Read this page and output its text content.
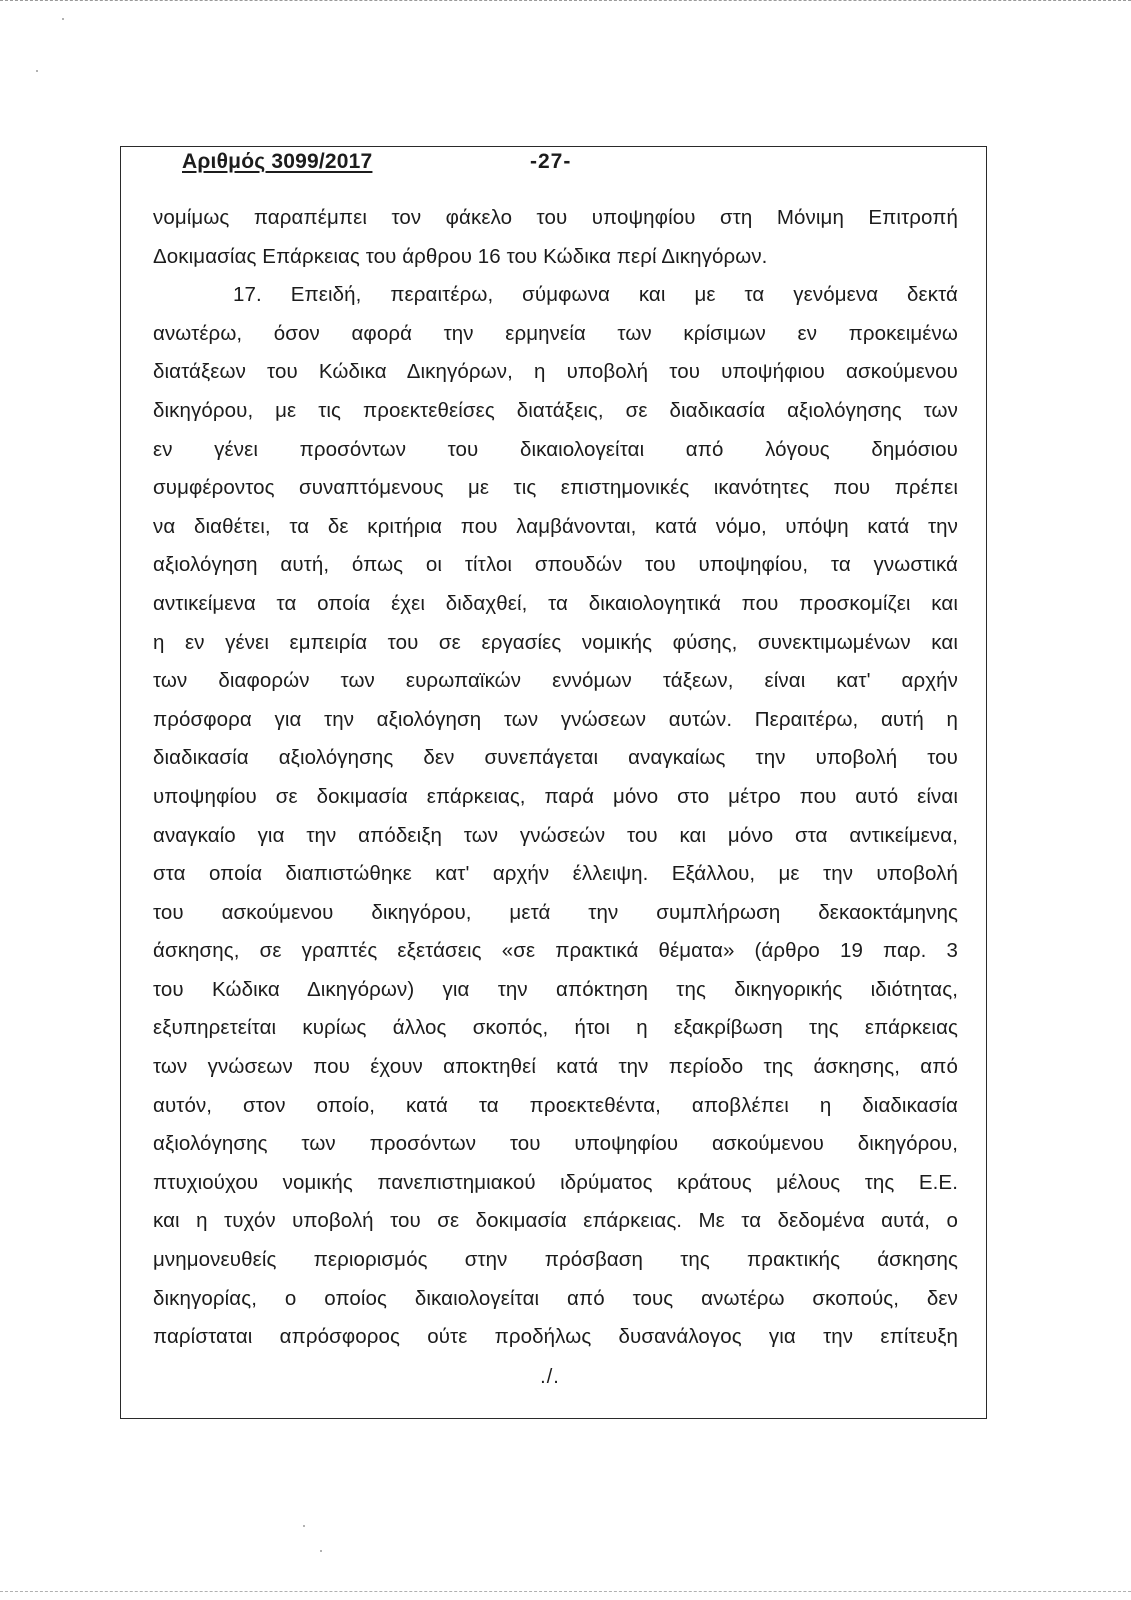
Αριθμός 3099/2017	-27-
νομίμως παραπέμπει τον φάκελο του υποψηφίου στη Μόνιμη Επιτροπή
Δοκιμασίας Επάρκειας του άρθρου 16 του Κώδικα περί Δικηγόρων.
17. Επειδή, περαιτέρω, σύμφωνα και με τα γενόμενα δεκτά
ανωτέρω, όσον αφορά την ερμηνεία των κρίσιμων εν προκειμένω
διατάξεων του Κώδικα Δικηγόρων, η υποβολή του υποψήφιου ασκούμενου
δικηγόρου, με τις προεκτεθείσες διατάξεις, σε διαδικασία αξιολόγησης των
εν γένει προσόντων του δικαιολογείται από λόγους δημόσιου
συμφέροντος συναπτόμενους με τις επιστημονικές ικανότητες που πρέπει
να διαθέτει, τα δε κριτήρια που λαμβάνονται, κατά νόμο, υπόψη κατά την
αξιολόγηση αυτή, όπως οι τίτλοι σπουδών του υποψηφίου, τα γνωστικά
αντικείμενα τα οποία έχει διδαχθεί, τα δικαιολογητικά που προσκομίζει και
η εν γένει εμπειρία του σε εργασίες νομικής φύσης, συνεκτιμωμένων και
των διαφορών των ευρωπαϊκών εννόμων τάξεων, είναι κατ' αρχήν
πρόσφορα για την αξιολόγηση των γνώσεων αυτών. Περαιτέρω, αυτή η
διαδικασία αξιολόγησης δεν συνεπάγεται αναγκαίως την υποβολή του
υποψηφίου σε δοκιμασία επάρκειας, παρά μόνο στο μέτρο που αυτό είναι
αναγκαίο για την απόδειξη των γνώσεών του και μόνο στα αντικείμενα,
στα οποία διαπιστώθηκε κατ' αρχήν έλλειψη. Εξάλλου, με την υποβολή
του ασκούμενου δικηγόρου, μετά την συμπλήρωση δεκαοκτάμηνης
άσκησης, σε γραπτές εξετάσεις «σε πρακτικά θέματα» (άρθρο 19 παρ. 3
του Κώδικα Δικηγόρων) για την απόκτηση της δικηγορικής ιδιότητας,
εξυπηρετείται κυρίως άλλος σκοπός, ήτοι η εξακρίβωση της επάρκειας
των γνώσεων που έχουν αποκτηθεί κατά την περίοδο της άσκησης, από
αυτόν, στον οποίο, κατά τα προεκτεθέντα, αποβλέπει η διαδικασία
αξιολόγησης των προσόντων του υποψηφίου ασκούμενου δικηγόρου,
πτυχιούχου νομικής πανεπιστημιακού ιδρύματος κράτους μέλους της Ε.Ε.
και η τυχόν υποβολή του σε δοκιμασία επάρκειας. Με τα δεδομένα αυτά, ο
μνημονευθείς περιορισμός στην πρόσβαση της πρακτικής άσκησης
δικηγορίας, ο οποίος δικαιολογείται από τους ανωτέρω σκοπούς, δεν
παρίσταται απρόσφορος ούτε προδήλως δυσανάλογος για την επίτευξη
./.
